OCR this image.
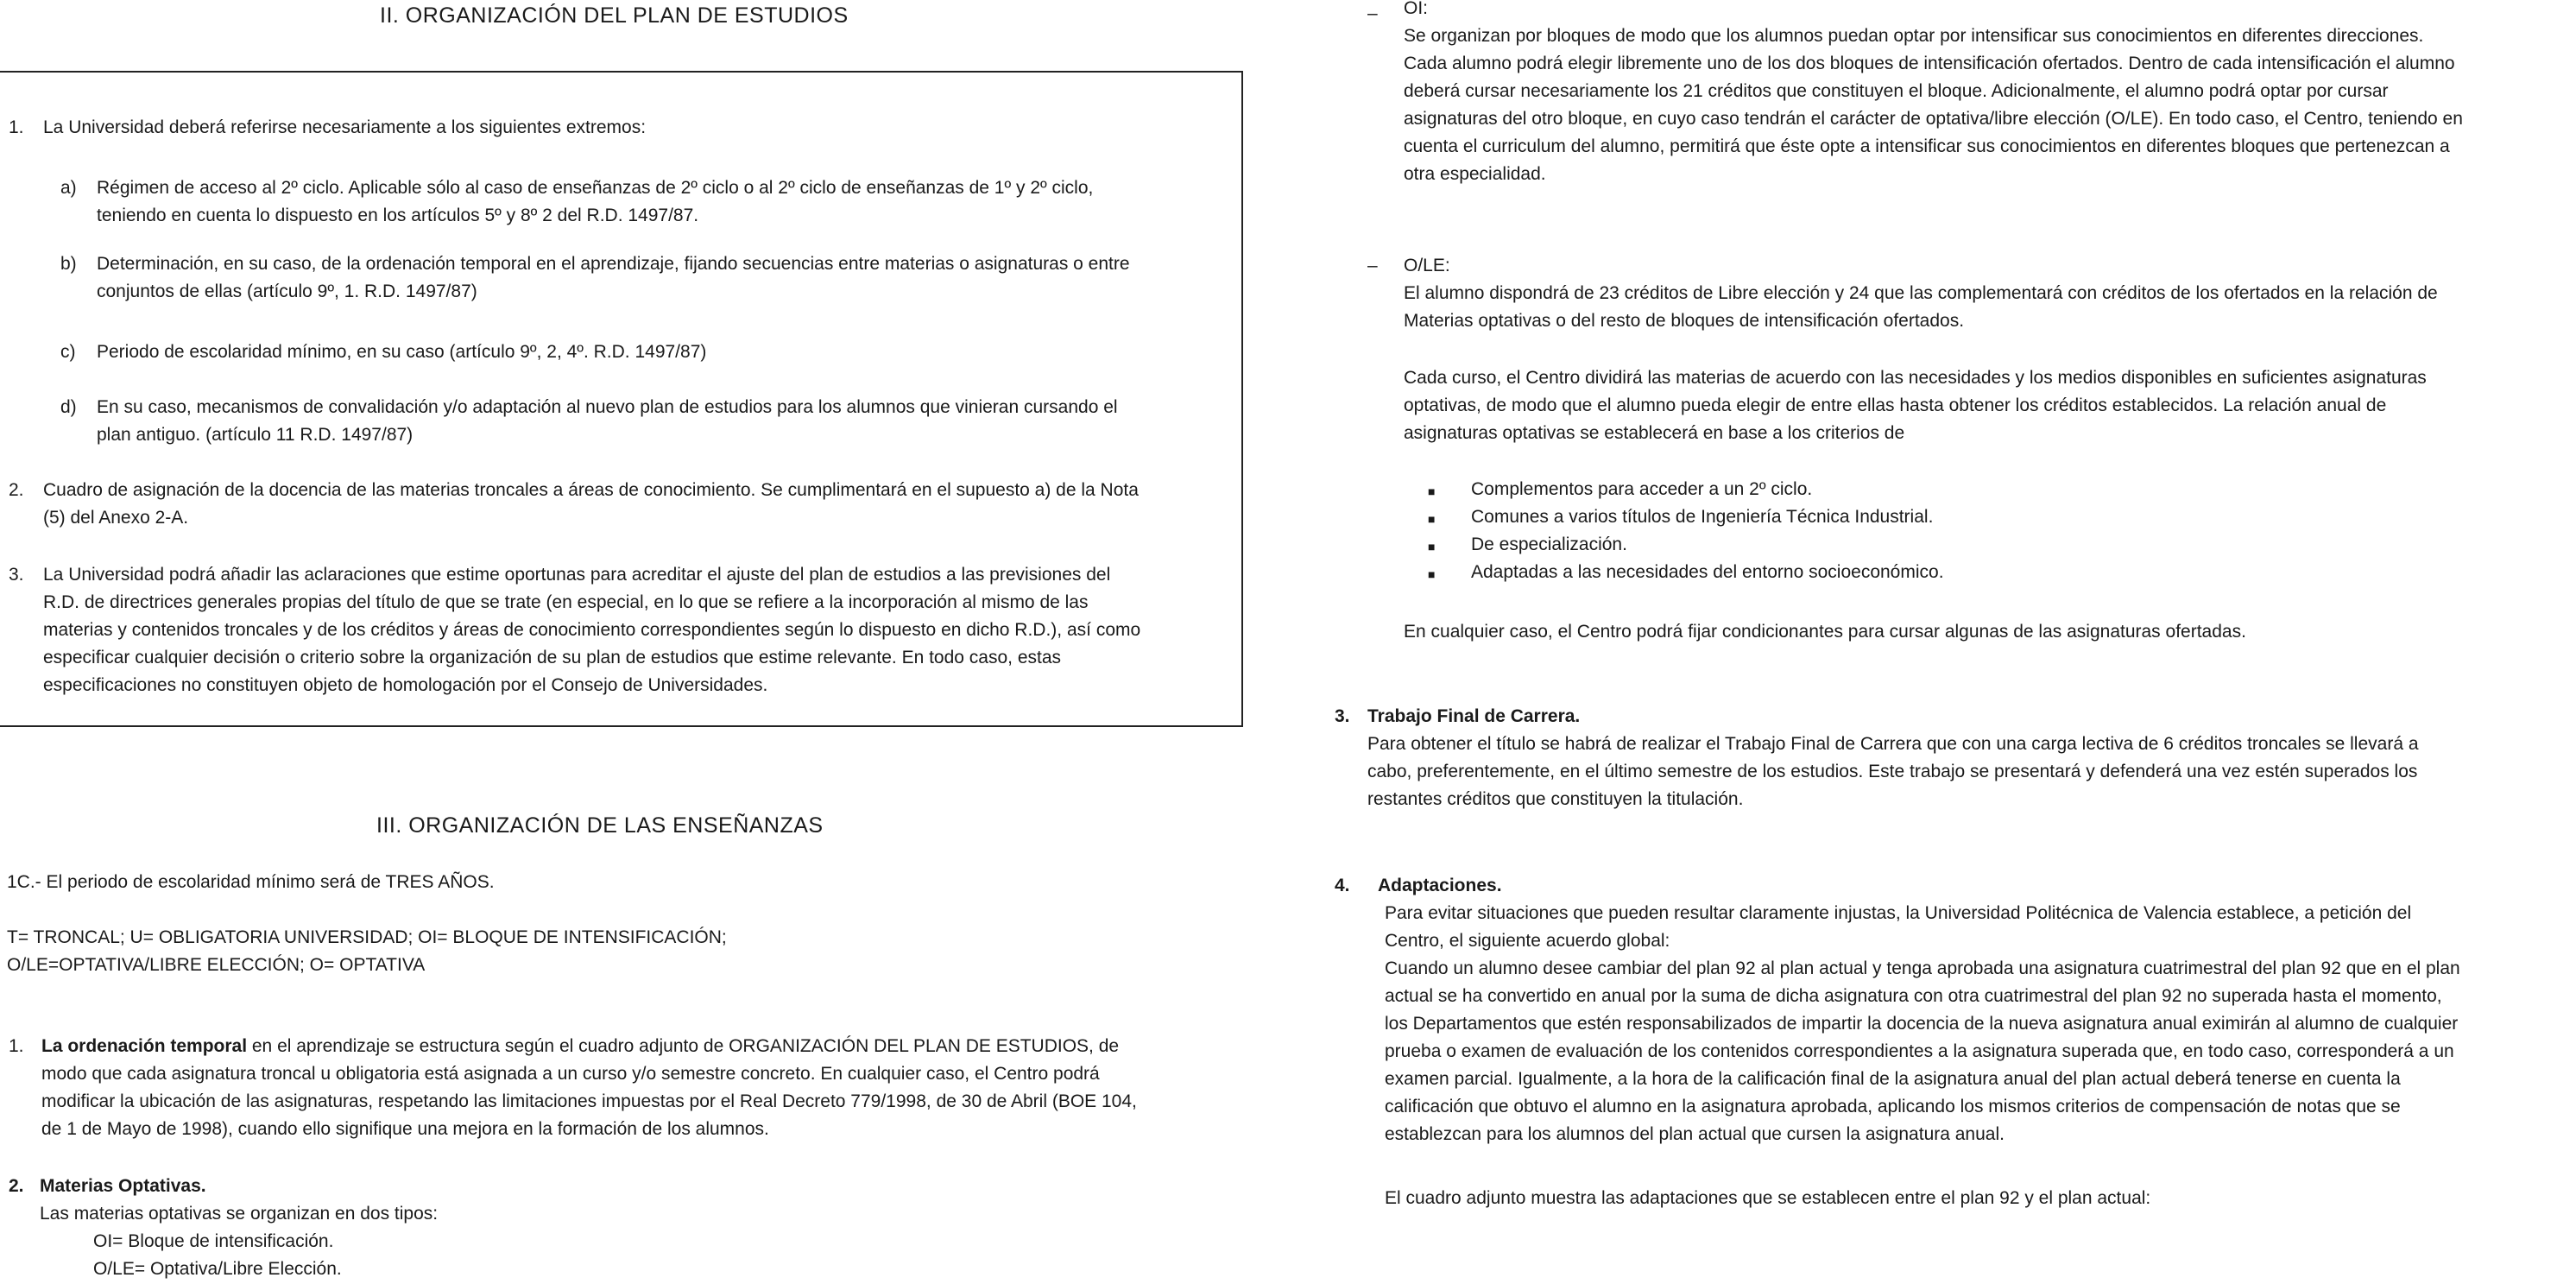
II. ORGANIZACIÓN DEL PLAN DE ESTUDIOS
1. La Universidad deberá referirse necesariamente a los siguientes extremos:
a) Régimen de acceso al 2º ciclo. Aplicable sólo al caso de enseñanzas de 2º ciclo o al 2º ciclo de enseñanzas de 1º y 2º ciclo,
teniendo en cuenta lo dispuesto en los artículos 5º y 8º 2 del R.D. 1497/87.
b) Determinación, en su caso, de la ordenación temporal en el aprendizaje, fijando secuencias entre materias o asignaturas o entre
conjuntos de ellas (artículo 9º, 1. R.D. 1497/87)
c) Periodo de escolaridad mínimo, en su caso (artículo 9º, 2, 4º. R.D. 1497/87)
d) En su caso, mecanismos de convalidación y/o adaptación al nuevo plan de estudios para los alumnos que vinieran cursando el
plan antiguo. (artículo 11 R.D. 1497/87)
2. Cuadro de asignación de la docencia de las materias troncales a áreas de conocimiento. Se cumplimentará en el supuesto a) de la Nota
(5) del Anexo 2-A.
3. La Universidad podrá añadir las aclaraciones que estime oportunas para acreditar el ajuste del plan de estudios a las previsiones del
R.D. de directrices generales propias del título de que se trate (en especial, en lo que se refiere a la incorporación al mismo de las
materias y contenidos troncales y de los créditos y áreas de conocimiento correspondientes según lo dispuesto en dicho R.D.), así como
especificar cualquier decisión o criterio sobre la organización de su plan de estudios que estime relevante. En todo caso, estas
especificaciones no constituyen objeto de homologación por el Consejo de Universidades.
III. ORGANIZACIÓN DE LAS ENSEÑANZAS
1C.- El periodo de escolaridad mínimo será de TRES AÑOS.
T= TRONCAL; U= OBLIGATORIA UNIVERSIDAD; OI= BLOQUE DE INTENSIFICACIÓN;
O/LE=OPTATIVA/LIBRE ELECCIÓN; O= OPTATIVA
1. La ordenación temporal en el aprendizaje se estructura según el cuadro adjunto de ORGANIZACIÓN DEL PLAN DE ESTUDIOS, de
modo que cada asignatura troncal u obligatoria está asignada a un curso y/o semestre concreto. En cualquier caso, el Centro podrá
modificar la ubicación de las asignaturas, respetando las limitaciones impuestas por el Real Decreto 779/1998, de 30 de Abril (BOE 104,
de 1 de Mayo de 1998), cuando ello signifique una mejora en la formación de los alumnos.
2. Materias Optativas.
Las materias optativas se organizan en dos tipos:
OI= Bloque de intensificación.
O/LE= Optativa/Libre Elección.
– OI:
Se organizan por bloques de modo que los alumnos puedan optar por intensificar sus conocimientos en diferentes direcciones.
Cada alumno podrá elegir libremente uno de los dos bloques de intensificación ofertados. Dentro de cada intensificación el alumno
deberá cursar necesariamente los 21 créditos que constituyen el bloque. Adicionalmente, el alumno podrá optar por cursar
asignaturas del otro bloque, en cuyo caso tendrán el carácter de optativa/libre elección (O/LE). En todo caso, el Centro, teniendo en
cuenta el curriculum del alumno, permitirá que éste opte a intensificar sus conocimientos en diferentes bloques que pertenezcan a
otra especialidad.
– O/LE:
El alumno dispondrá de 23 créditos de Libre elección y 24 que las complementará con créditos de los ofertados en la relación de
Materias optativas o del resto de bloques de intensificación ofertados.
Cada curso, el Centro dividirá las materias de acuerdo con las necesidades y los medios disponibles en suficientes asignaturas
optativas, de modo que el alumno pueda elegir de entre ellas hasta obtener los créditos establecidos. La relación anual de
asignaturas optativas se establecerá en base a los criterios de
■ Complementos para acceder a un 2º ciclo.
■ Comunes a varios títulos de Ingeniería Técnica Industrial.
■ De especialización.
■ Adaptadas a las necesidades del entorno socioeconómico.
En cualquier caso, el Centro podrá fijar condicionantes para cursar algunas de las asignaturas ofertadas.
3. Trabajo Final de Carrera.
Para obtener el título se habrá de realizar el Trabajo Final de Carrera que con una carga lectiva de 6 créditos troncales se llevará a
cabo, preferentemente, en el último semestre de los estudios. Este trabajo se presentará y defenderá una vez estén superados los
restantes créditos que constituyen la titulación.
4. Adaptaciones.
Para evitar situaciones que pueden resultar claramente injustas, la Universidad Politécnica de Valencia establece, a petición del
Centro, el siguiente acuerdo global:
Cuando un alumno desee cambiar del plan 92 al plan actual y tenga aprobada una asignatura cuatrimestral del plan 92 que en el plan
actual se ha convertido en anual por la suma de dicha asignatura con otra cuatrimestral del plan 92 no superada hasta el momento,
los Departamentos que estén responsabilizados de impartir la docencia de la nueva asignatura anual eximirán al alumno de cualquier
prueba o examen de evaluación de los contenidos correspondientes a la asignatura superada que, en todo caso, corresponderá a un
examen parcial. Igualmente, a la hora de la calificación final de la asignatura anual del plan actual deberá tenerse en cuenta la
calificación que obtuvo el alumno en la asignatura aprobada, aplicando los mismos criterios de compensación de notas que se
establezcan para los alumnos del plan actual que cursen la asignatura anual.
El cuadro adjunto muestra las adaptaciones que se establecen entre el plan 92 y el plan actual:
